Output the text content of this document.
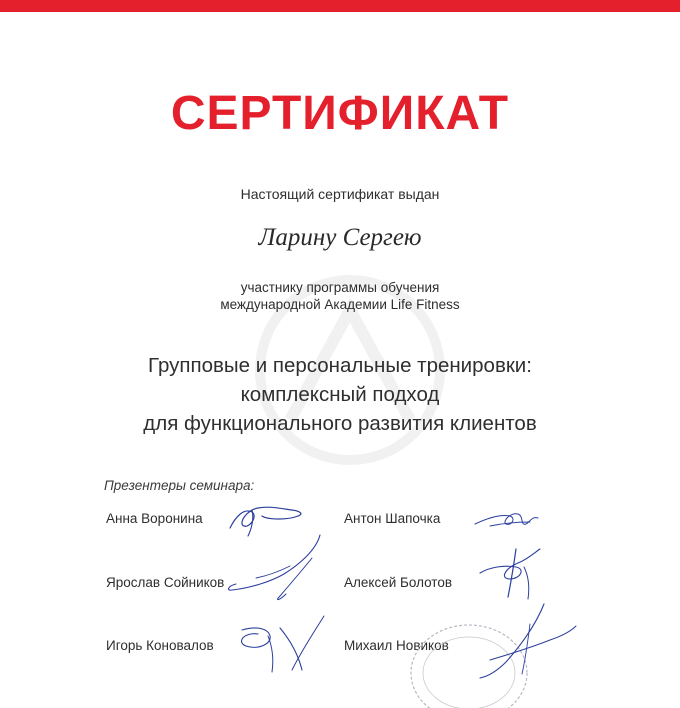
СЕРТИФИКАТ
Настоящий сертификат выдан
Ларину Сергею
участнику программы обучения
международной Академии Life Fitness
Групповые и персональные тренировки:
комплексный подход
для функционального развития клиентов
Презентеры семинара:
Анна Воронина	Антон Шапочка
Ярослав Сойников	Алексей Болотов
Игорь Коновалов	Михаил Новиков
